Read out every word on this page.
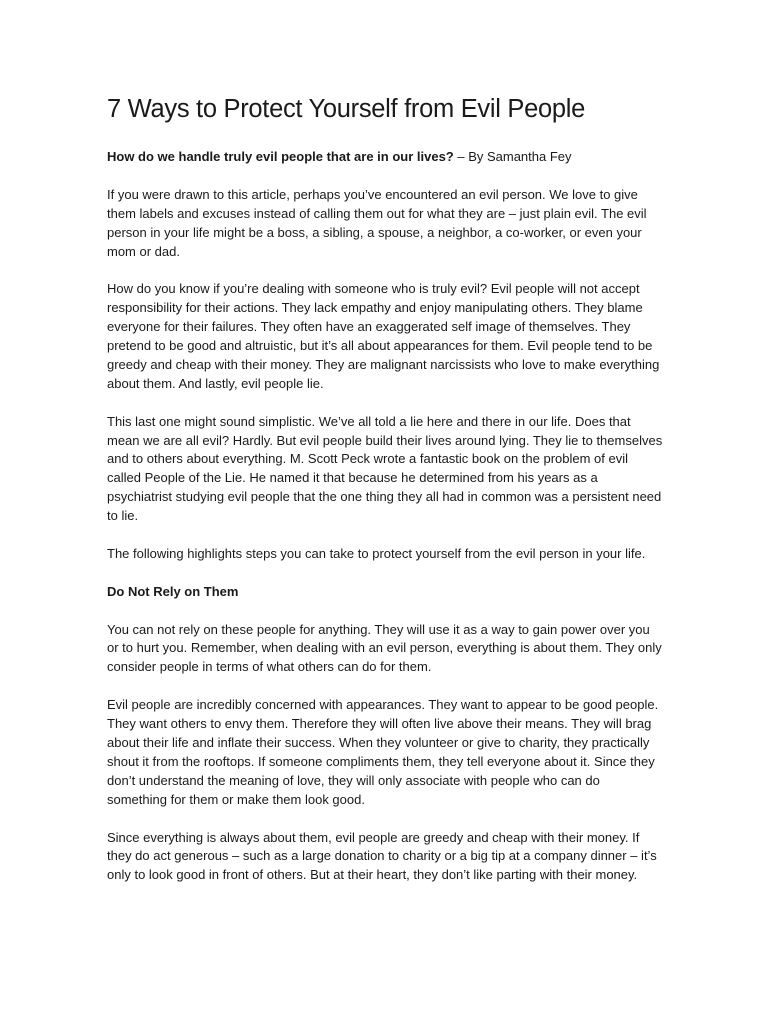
7 Ways to Protect Yourself from Evil People
How do we handle truly evil people that are in our lives? – By Samantha Fey

If you were drawn to this article, perhaps you’ve encountered an evil person. We love to give them labels and excuses instead of calling them out for what they are – just plain evil. The evil person in your life might be a boss, a sibling, a spouse, a neighbor, a co-worker, or even your mom or dad.

How do you know if you’re dealing with someone who is truly evil? Evil people will not accept responsibility for their actions. They lack empathy and enjoy manipulating others. They blame everyone for their failures. They often have an exaggerated self image of themselves. They pretend to be good and altruistic, but it’s all about appearances for them. Evil people tend to be greedy and cheap with their money. They are malignant narcissists who love to make everything about them. And lastly, evil people lie.

This last one might sound simplistic. We’ve all told a lie here and there in our life. Does that mean we are all evil? Hardly. But evil people build their lives around lying. They lie to themselves and to others about everything. M. Scott Peck wrote a fantastic book on the problem of evil called People of the Lie. He named it that because he determined from his years as a psychiatrist studying evil people that the one thing they all had in common was a persistent need to lie.

The following highlights steps you can take to protect yourself from the evil person in your life.

Do Not Rely on Them

You can not rely on these people for anything. They will use it as a way to gain power over you or to hurt you. Remember, when dealing with an evil person, everything is about them. They only consider people in terms of what others can do for them.

Evil people are incredibly concerned with appearances. They want to appear to be good people. They want others to envy them. Therefore they will often live above their means. They will brag about their life and inflate their success. When they volunteer or give to charity, they practically shout it from the rooftops. If someone compliments them, they tell everyone about it. Since they don’t understand the meaning of love, they will only associate with people who can do something for them or make them look good.

Since everything is always about them, evil people are greedy and cheap with their money. If they do act generous – such as a large donation to charity or a big tip at a company dinner – it’s only to look good in front of others. But at their heart, they don’t like parting with their money.
